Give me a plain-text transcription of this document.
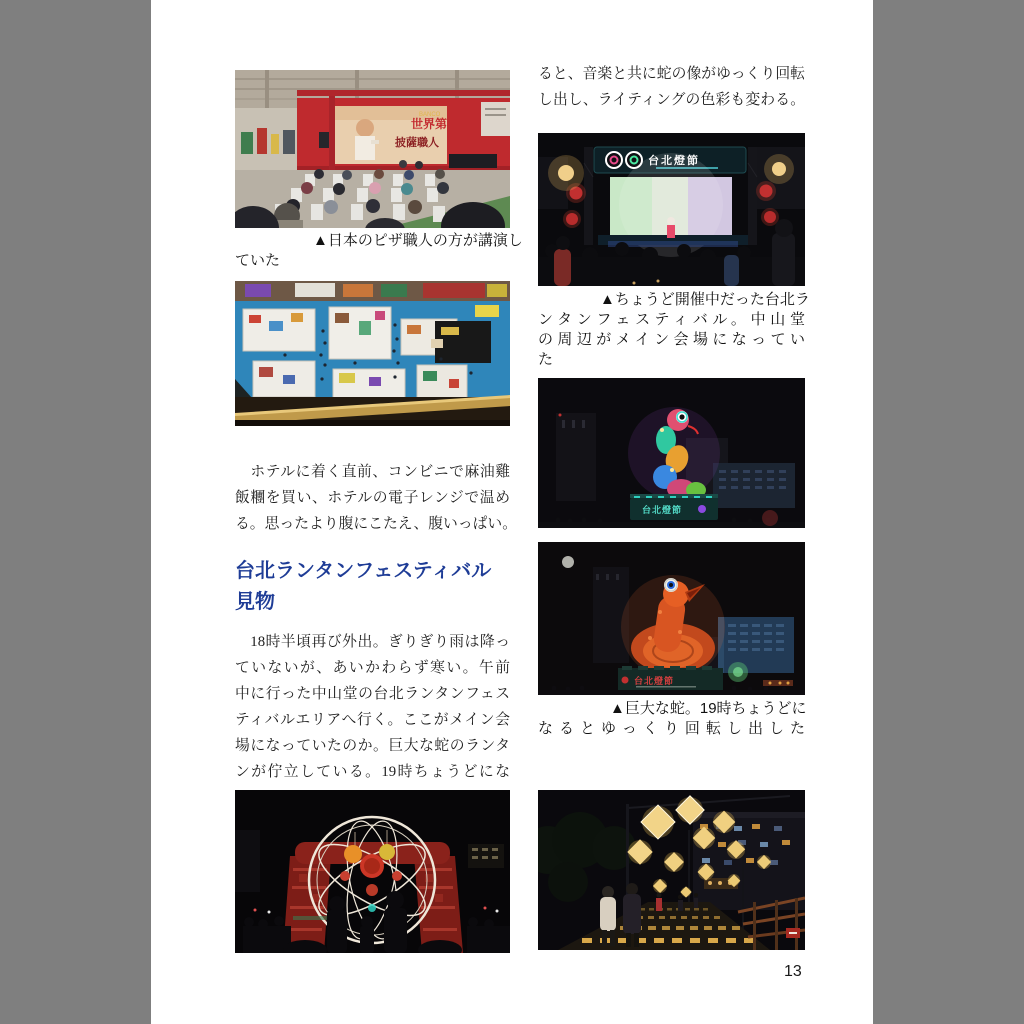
世界第
披薩職人
BANCO
▲日本のピザ職人の方が講演し
ていた
　ホテルに着く直前、コンビニで麻油雞
飯糰を買い、ホテルの電子レンジで温め
る。思ったより腹にこたえ、腹いっぱい。
台北ランタンフェスティバル
見物
　18時半頃再び外出。ぎりぎり雨は降っ
ていないが、あいかわらず寒い。午前
中に行った中山堂の台北ランタンフェス
ティバルエリアへ行く。ここがメイン会
場になっていたのか。巨大な蛇のランタ
ンが佇立している。19時ちょうどにな
ると、音楽と共に蛇の像がゆっくり回転
し出し、ライティングの色彩も変わる。
台北燈節
▲ちょうど開催中だった台北ラ
ンタンフェスティバル。中山堂
の周辺がメイン会場になってい
た
台北燈節
台北燈節
▲巨大な蛇。19時ちょうどに
なるとゆっくり回転し出した
13
